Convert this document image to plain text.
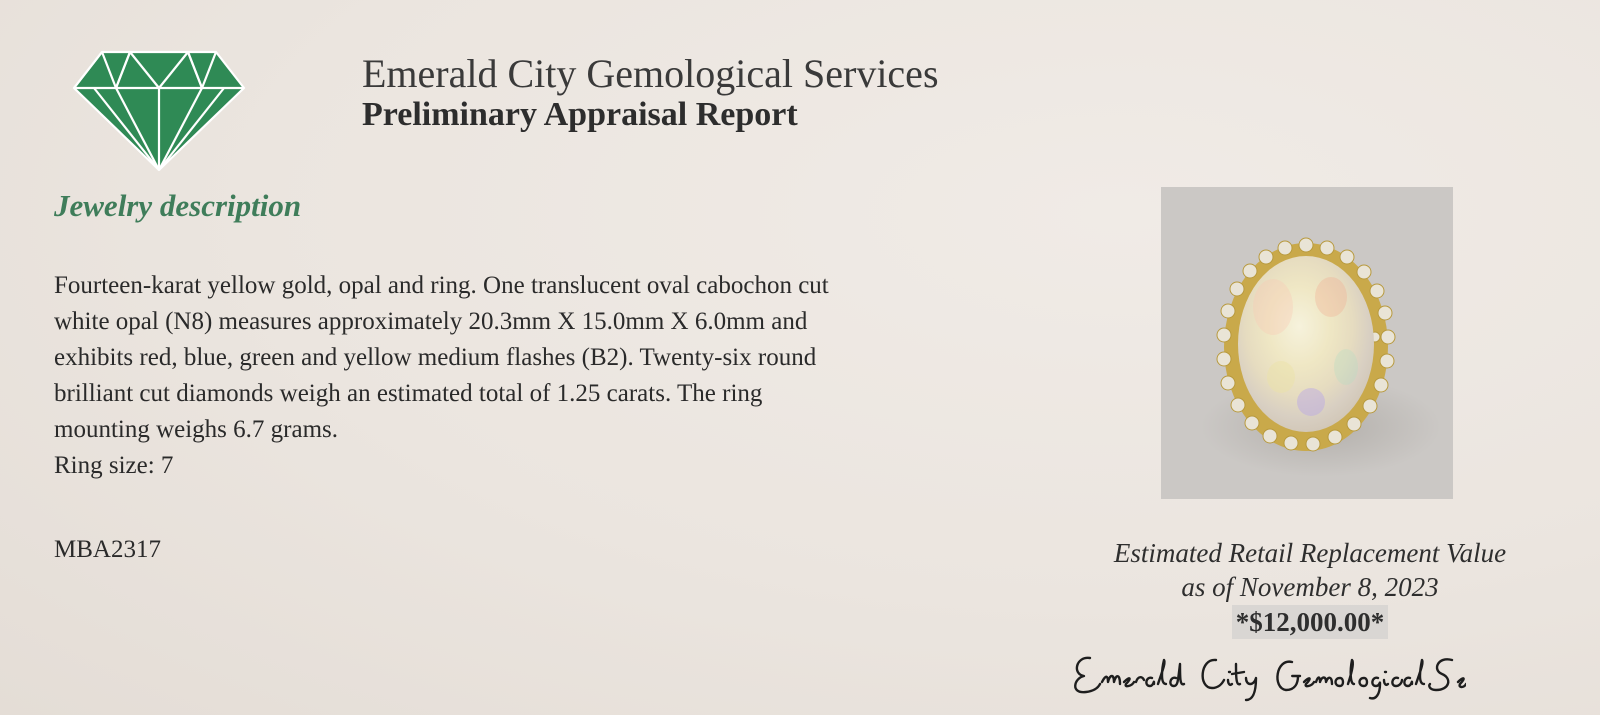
Emerald City Gemological Services
Preliminary Appraisal Report
Jewelry description
Fourteen-karat yellow gold, opal and ring. One translucent oval cabochon cut
white opal (N8) measures approximately 20.3mm X 15.0mm X 6.0mm and
exhibits red, blue, green and yellow medium flashes (B2). Twenty-six round
brilliant cut diamonds weigh an estimated total of 1.25 carats. The ring
mounting weighs 6.7 grams.
Ring size: 7
MBA2317	Estimated Retail Replacement Value
as of November 8, 2023
*$12,000.00*
